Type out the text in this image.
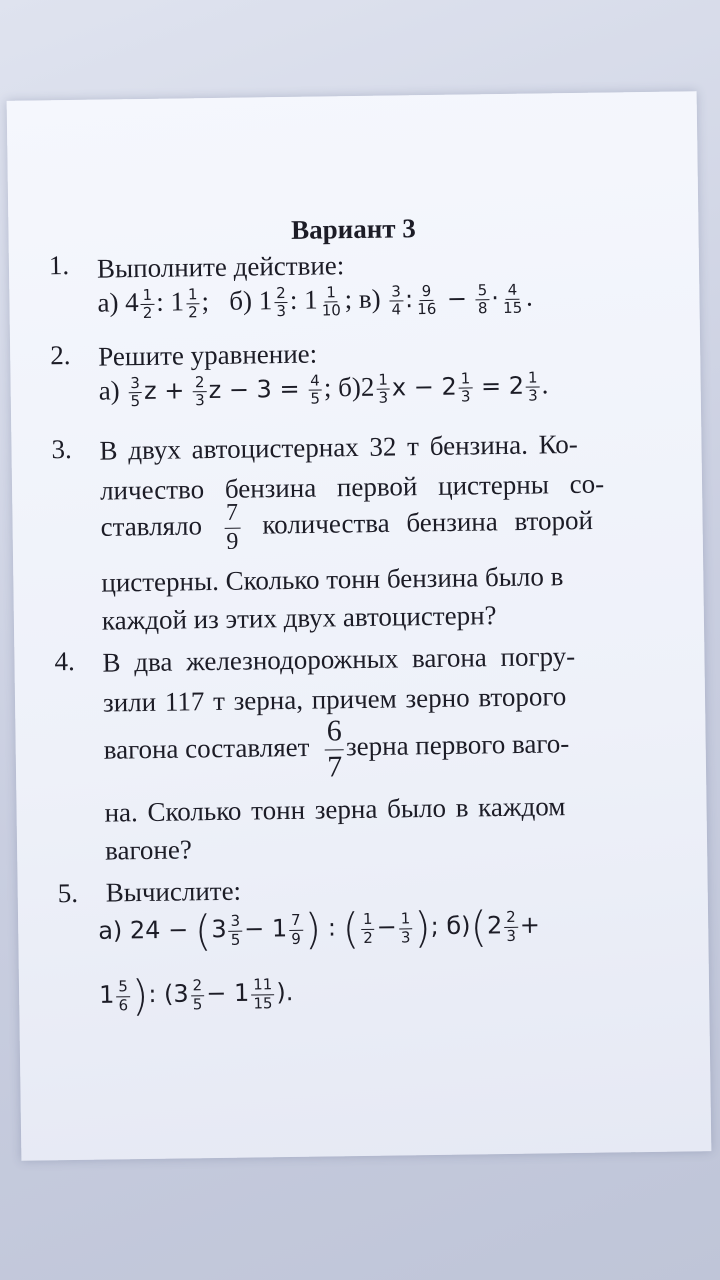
Вариант 3
1. Выполните действие:
а) $4 \frac{1}{2}$ : $1 \frac{1}{2}$ ; б) $1 \frac{2}{3}$ : $1 \frac{1}{10}$ ; $в) \frac{3}{4}$ : $\frac{9}{16} - \frac{5}{8} \cdot \frac{4}{15}$ .
2. Решите уравнение:
$а) \frac{3}{5}$ $z + \frac{2}{3}$ $z - 3 = \frac{4}{5}$ ; $б)2 \frac{1}{3}$ $x - 2 \frac{1}{3} = 2 \frac{1}{3}$ .
3. В двух автоцистернах 32 т бензина. Ко-
личество бензина первой цистерны со-
ставляло $\frac{7}{9}$ количества бензина второй
цистерны. Сколько тонн бензина было в
каждой из этих двух автоцистерн?
4. В два железнодорожных вагона погру-
зили 117 т зерна, причем зерно второго
вагона составляет $\frac{6}{7}$ зерна первого ваго-
на. Сколько тонн зерна было в каждом
вагоне?
5. Вычислите:
а) $24 - (3 \frac{3}{5} - 1 \frac{7}{9}$ ) : ( $\frac{1}{2} - \frac{1}{3}$ ); $б)(2 \frac{2}{3}$ +
$1 \frac{5}{6}$ ): ($3 \frac{2}{5} - 1 \frac{11}{15}$ ).
